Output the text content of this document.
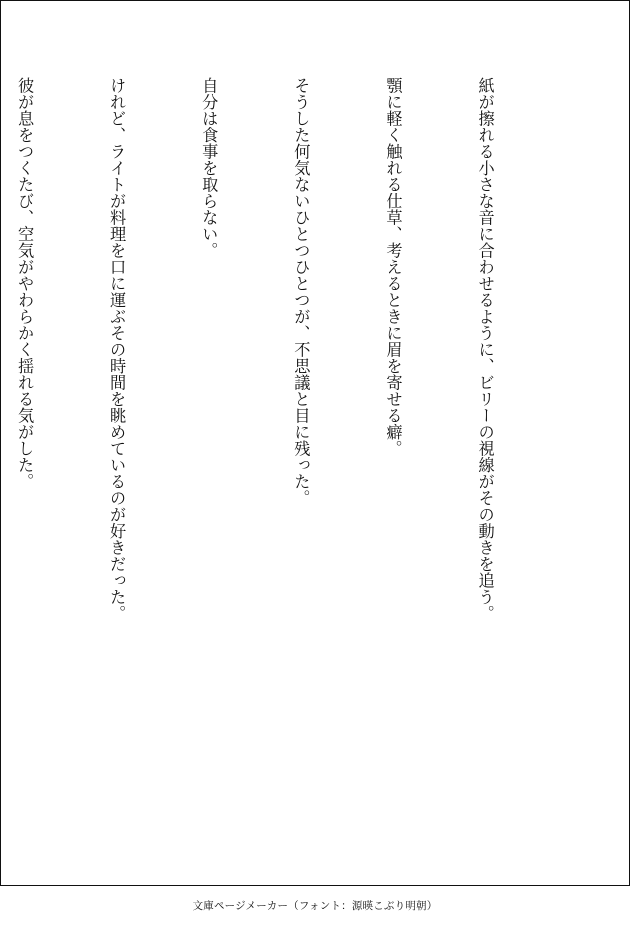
紙が擦れる小さな音に合わせるように、ビリーの視線がその動きを追う。

顎に軽く触れる仕草、考えるときに眉を寄せる癖。

そうした何気ないひとつひとつが、不思議と目に残った。

自分は食事を取らない。

けれど、ライトが料理を口に運ぶその時間を眺めているのが好きだった。

彼が息をつくたび、空気がやわらかく揺れる気がした。

文庫ページメーカー（フォント：源暎こぶり明朝）
